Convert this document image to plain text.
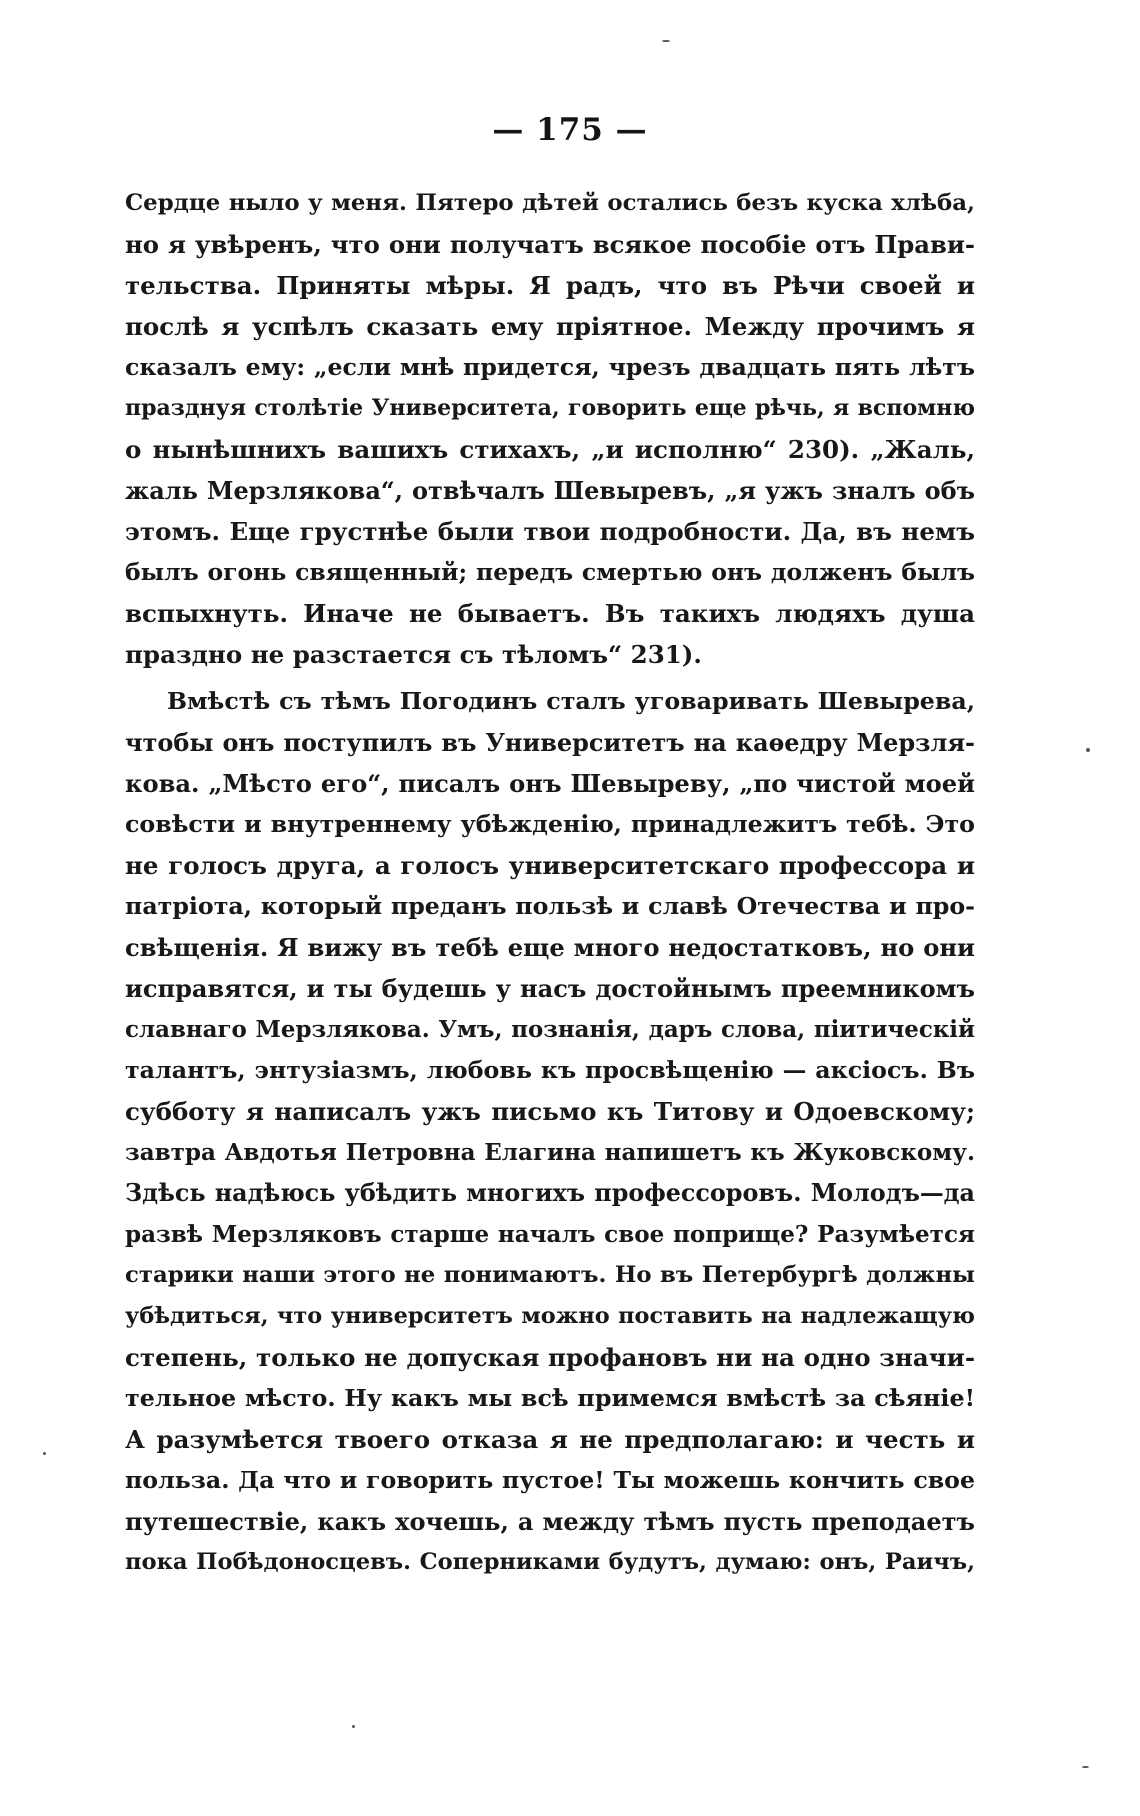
— 175 —
Сердце ныло у меня. Пятеро дѣтей остались безъ куска хлѣба,
но я увѣренъ, что они получатъ всякое пособіе отъ Прави-
тельства. Приняты мѣры. Я радъ, что въ Рѣчи своей и
послѣ я успѣлъ сказать ему пріятное. Между прочимъ я
сказалъ ему: „если мнѣ придется, чрезъ двадцать пять лѣтъ
празднуя столѣтіе Университета, говорить еще рѣчь, я вспомню
о нынѣшнихъ вашихъ стихахъ, „и исполню“ 230). „Жаль,
жаль Мерзлякова“, отвѣчалъ Шевыревъ, „я ужъ зналъ объ
этомъ. Еще грустнѣе были твои подробности. Да, въ немъ
былъ огонь священный; передъ смертью онъ долженъ былъ
вспыхнуть. Иначе не бываетъ. Въ такихъ людяхъ душа
праздно не разстается съ тѣломъ“ 231).
Вмѣстѣ съ тѣмъ Погодинъ сталъ уговаривать Шевырева,
чтобы онъ поступилъ въ Университетъ на каѳедру Мерзля-
кова. „Мѣсто его“, писалъ онъ Шевыреву, „по чистой моей
совѣсти и внутреннему убѣжденію, принадлежитъ тебѣ. Это
не голосъ друга, а голосъ университетскаго профессора и
патріота, который преданъ пользѣ и славѣ Отечества и про-
свѣщенія. Я вижу въ тебѣ еще много недостатковъ, но они
исправятся, и ты будешь у насъ достойнымъ преемникомъ
славнаго Мерзлякова. Умъ, познанія, даръ слова, піитическій
талантъ, энтузіазмъ, любовь къ просвѣщенію — аксіосъ. Въ
субботу я написалъ ужъ письмо къ Титову и Одоевскому;
завтра Авдотья Петровна Елагина напишетъ къ Жуковскому.
Здѣсь надѣюсь убѣдить многихъ профессоровъ. Молодъ—да
развѣ Мерзляковъ старше началъ свое поприще? Разумѣется
старики наши этого не понимаютъ. Но въ Петербургѣ должны
убѣдиться, что университетъ можно поставить на надлежащую
степень, только не допуская профановъ ни на одно значи-
тельное мѣсто. Ну какъ мы всѣ примемся вмѣстѣ за сѣяніе!
А разумѣется твоего отказа я не предполагаю: и честь и
польза. Да что и говорить пустое! Ты можешь кончить свое
путешествіе, какъ хочешь, а между тѣмъ пусть преподаетъ
пока Побѣдоносцевъ. Соперниками будутъ, думаю: онъ, Раичъ,
